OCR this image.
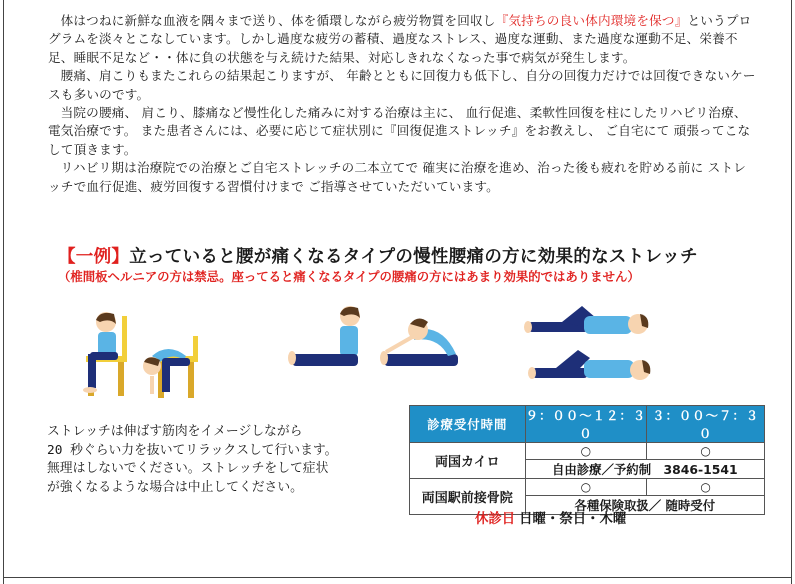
体はつねに新鮮な血液を隅々まで送り、体を循環しながら疲労物質を回収し『気持ちの良い体内環境を保つ』というプログラムを淡々とこなしています。しかし過度な疲労の蓄積、過度なストレス、過度な運動、また過度な運動不足、栄養不足、睡眠不足など・・体に負の状態を与え続けた結果、対応しきれなくなった事で病気が発生します。

腰痛、肩こりもまたこれらの結果起こりますが、 年齢とともに回復力も低下し、自分の回復力だけでは回復できないケースも多いのです。

当院の腰痛、 肩こり、膝痛など慢性化した痛みに対する治療は主に、 血行促進、柔軟性回復を柱にしたリハビリ治療、電気治療です。 また患者さんには、必要に応じて症状別に『回復促進ストレッチ』をお教えし、 ご自宅にて 頑張ってこなして頂きます。

リハビリ期は治療院での治療とご自宅ストレッチの二本立てで 確実に治療を進め、治った後も疲れを貯める前に ストレッチで血行促進、疲労回復する習慣付けまで ご指導させていただいています。

【一例】立っていると腰が痛くなるタイプの慢性腰痛の方に効果的なストレッチ
（椎間板ヘルニアの方は禁忌。座ってると痛くなるタイプの腰痛の方にはあまり効果的ではありません）
ストレッチは伸ばす筋肉をイメージしながら
20 秒ぐらい力を抜いてリラックスして行います。
無理はしないでください。ストレッチをして症状
が強くなるような場合は中止してください。
診療受付時間	９：００〜１２：３０	３：００〜７：３０
両国カイロ	○	○
	自由診療／予約制　3846-1541	
両国駅前接骨院	○	○
	各種保険取扱／ 随時受付	
休診日 日曜・祭日・木曜
